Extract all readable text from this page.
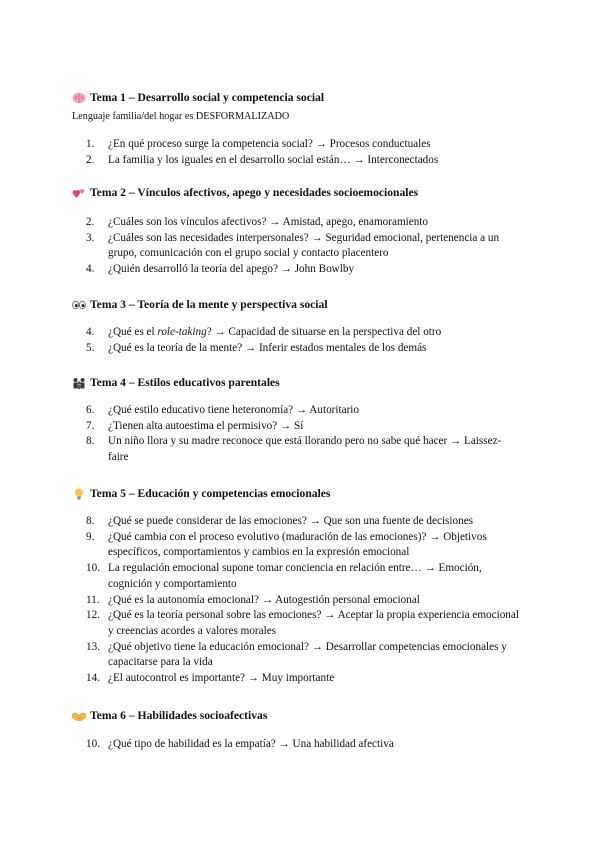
Tema 1 – Desarrollo social y competencia social

Lenguaje familia/del hogar es DESFORMALIZADO

1.	¿En qué proceso surge la competencia social? → Procesos conductuales
2.	La familia y los iguales en el desarrollo social están… → Interconectados
Tema 2 – Vínculos afectivos, apego y necesidades socioemocionales
2.	¿Cuáles son los vínculos afectivos? → Amistad, apego, enamoramiento
3.	¿Cuáles son las necesidades interpersonales? → Seguridad emocional, pertenencia a un grupo, comunicación con el grupo social y contacto placentero
4.	¿Quién desarrolló la teoría del apego? → John Bowlby
Tema 3 – Teoría de la mente y perspectiva social
4.	¿Qué es el role-taking? → Capacidad de situarse en la perspectiva del otro
5.	¿Qué es la teoría de la mente? → Inferir estados mentales de los demás
Tema 4 – Estilos educativos parentales
6.	¿Qué estilo educativo tiene heteronomía? → Autoritario
7.	¿Tienen alta autoestima el permisivo? → Sí
8.	Un niño llora y su madre reconoce que está llorando pero no sabe qué hacer → Laissez-faire
Tema 5 – Educación y competencias emocionales
8.	¿Qué se puede considerar de las emociones? → Que son una fuente de decisiones
9.	¿Qué cambia con el proceso evolutivo (maduración de las emociones)? → Objetivos específicos, comportamientos y cambios en la expresión emocional
10. La regulación emocional supone tomar conciencia en relación entre… → Emoción, cognición y comportamiento
11. ¿Qué es la autonomía emocional? → Autogestión personal emocional
12. ¿Qué es la teoría personal sobre las emociones? → Aceptar la propia experiencia emocional y creencias acordes a valores morales
13. ¿Qué objetivo tiene la educación emocional? → Desarrollar competencias emocionales y capacitarse para la vida
14. ¿El autocontrol es importante? → Muy importante
Tema 6 – Habilidades socioafectivas
10. ¿Qué tipo de habilidad es la empatía? → Una habilidad afectiva
